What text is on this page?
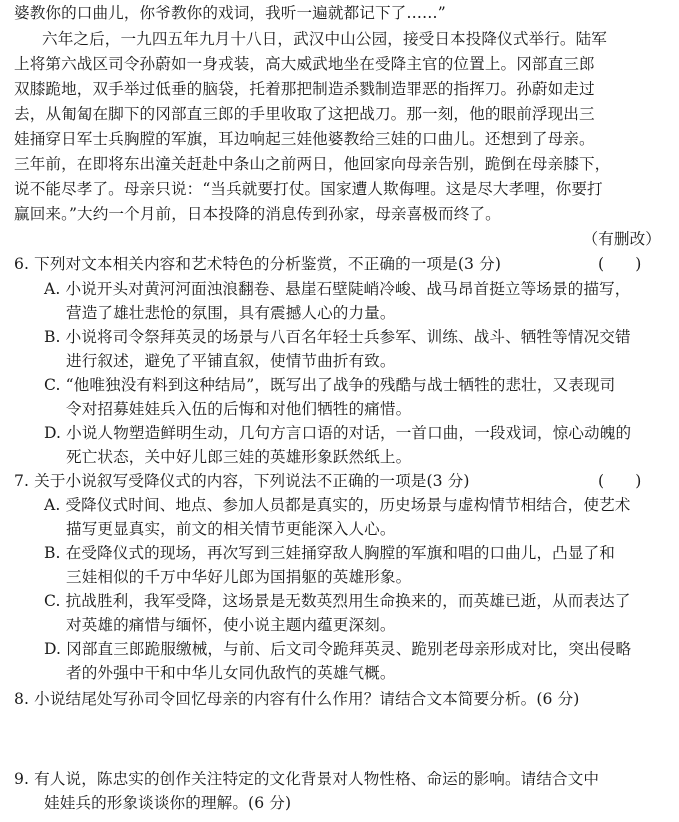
婆教你的口曲儿，你爷教你的戏词，我听一遍就都记下了……”
六年之后，一九四五年九月十八日，武汉中山公园，接受日本投降仪式举行。陆军
上将第六战区司令孙蔚如一身戎装，高大威武地坐在受降主官的位置上。冈部直三郎
双膝跪地，双手举过低垂的脑袋，托着那把制造杀戮制造罪恶的指挥刀。孙蔚如走过
去，从匍匐在脚下的冈部直三郎的手里收取了这把战刀。那一刻，他的眼前浮现出三
娃捅穿日军士兵胸膛的军旗，耳边响起三娃他婆教给三娃的口曲儿。还想到了母亲。
三年前，在即将东出潼关赶赴中条山之前两日，他回家向母亲告别，跪倒在母亲膝下，
说不能尽孝了。母亲只说：“当兵就要打仗。国家遭人欺侮哩。这是尽大孝哩，你要打
赢回来。”大约一个月前，日本投降的消息传到孙家，母亲喜极而终了。
（有删改）
6. 下列对文本相关内容和艺术特色的分析鉴赏，不正确的一项是(3 分)	(　　)
A. 小说开头对黄河河面浊浪翻卷、悬崖石壁陡峭冷峻、战马昂首挺立等场景的描写，
营造了雄壮悲怆的氛围，具有震撼人心的力量。
B. 小说将司令祭拜英灵的场景与八百名年轻士兵参军、训练、战斗、牺牲等情况交错
进行叙述，避免了平铺直叙，使情节曲折有致。
C. “他唯独没有料到这种结局”，既写出了战争的残酷与战士牺牲的悲壮，又表现司
令对招募娃娃兵入伍的后悔和对他们牺牲的痛惜。
D. 小说人物塑造鲜明生动，几句方言口语的对话，一首口曲，一段戏词，惊心动魄的
死亡状态，关中好儿郎三娃的英雄形象跃然纸上。
7. 关于小说叙写受降仪式的内容，下列说法不正确的一项是(3 分)	(　　)
A. 受降仪式时间、地点、参加人员都是真实的，历史场景与虚构情节相结合，使艺术
描写更显真实，前文的相关情节更能深入人心。
B. 在受降仪式的现场，再次写到三娃捅穿敌人胸膛的军旗和唱的口曲儿，凸显了和
三娃相似的千万中华好儿郎为国捐躯的英雄形象。
C. 抗战胜利，我军受降，这场景是无数英烈用生命换来的，而英雄已逝，从而表达了
对英雄的痛惜与缅怀，使小说主题内蕴更深刻。
D. 冈部直三郎跪服缴械，与前、后文司令跪拜英灵、跪别老母亲形成对比，突出侵略
者的外强中干和中华儿女同仇敌忾的英雄气概。
8. 小说结尾处写孙司令回忆母亲的内容有什么作用？请结合文本简要分析。(6 分)
9. 有人说，陈忠实的创作关注特定的文化背景对人物性格、命运的影响。请结合文中
娃娃兵的形象谈谈你的理解。(6 分)
